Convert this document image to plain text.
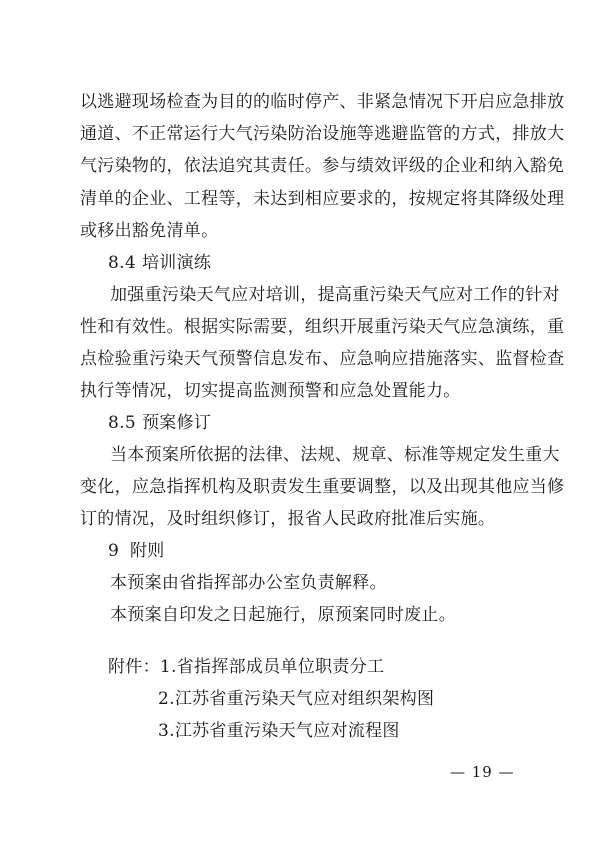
以逃避现场检查为目的的临时停产、非紧急情况下开启应急排放
通道、不正常运行大气污染防治设施等逃避监管的方式，排放大
气污染物的，依法追究其责任。参与绩效评级的企业和纳入豁免
清单的企业、工程等，未达到相应要求的，按规定将其降级处理
或移出豁免清单。
8.4 培训演练
加强重污染天气应对培训，提高重污染天气应对工作的针对
性和有效性。根据实际需要，组织开展重污染天气应急演练，重
点检验重污染天气预警信息发布、应急响应措施落实、监督检查
执行等情况，切实提高监测预警和应急处置能力。
8.5 预案修订
当本预案所依据的法律、法规、规章、标准等规定发生重大
变化，应急指挥机构及职责发生重要调整，以及出现其他应当修
订的情况，及时组织修订，报省人民政府批准后实施。
9 附则
本预案由省指挥部办公室负责解释。
本预案自印发之日起施行，原预案同时废止。
附件：1.省指挥部成员单位职责分工
2.江苏省重污染天气应对组织架构图
3.江苏省重污染天气应对流程图
— 19 —
